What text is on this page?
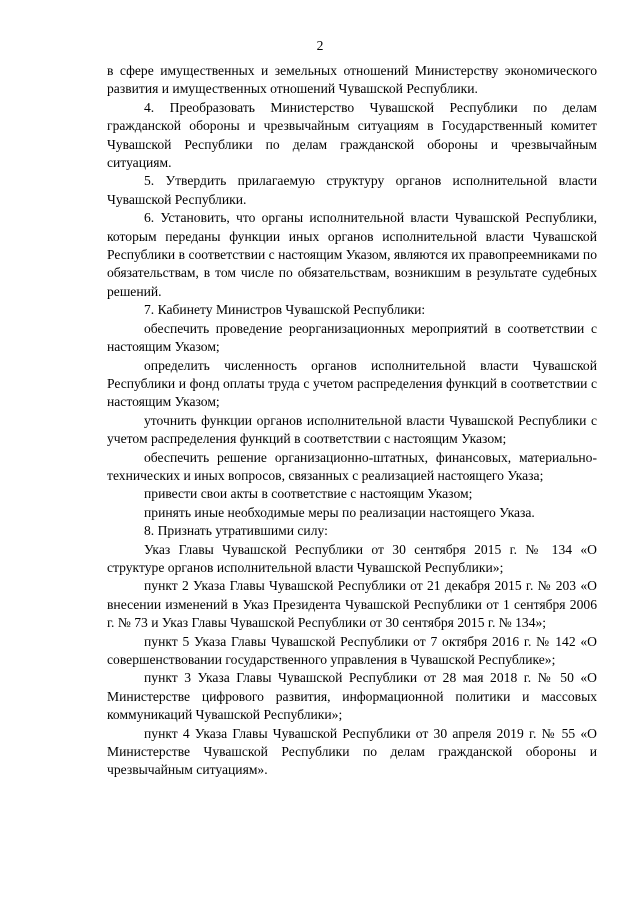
2

в сфере имущественных и земельных отношений Министерству экономического развития и имущественных отношений Чувашской Республики.

4. Преобразовать Министерство Чувашской Республики по делам гражданской обороны и чрезвычайным ситуациям в Государственный комитет Чувашской Республики по делам гражданской обороны и чрезвычайным ситуациям.

5. Утвердить прилагаемую структуру органов исполнительной власти Чувашской Республики.

6. Установить, что органы исполнительной власти Чувашской Республики, которым переданы функции иных органов исполнительной власти Чувашской Республики в соответствии с настоящим Указом, являются их правопреемниками по обязательствам, в том числе по обязательствам, возникшим в результате судебных решений.

7. Кабинету Министров Чувашской Республики:

обеспечить проведение реорганизационных мероприятий в соответствии с настоящим Указом;

определить численность органов исполнительной власти Чувашской Республики и фонд оплаты труда с учетом распределения функций в соответствии с настоящим Указом;

уточнить функции органов исполнительной власти Чувашской Республики с учетом распределения функций в соответствии с настоящим Указом;

обеспечить решение организационно-штатных, финансовых, материально-технических и иных вопросов, связанных с реализацией настоящего Указа;

привести свои акты в соответствие с настоящим Указом;

принять иные необходимые меры по реализации настоящего Указа.

8. Признать утратившими силу:

Указ Главы Чувашской Республики от 30 сентября 2015 г. № 134 «О структуре органов исполнительной власти Чувашской Республики»;

пункт 2 Указа Главы Чувашской Республики от 21 декабря 2015 г. № 203 «О внесении изменений в Указ Президента Чувашской Республики от 1 сентября 2006 г. № 73 и Указ Главы Чувашской Республики от 30 сентября 2015 г. № 134»;

пункт 5 Указа Главы Чувашской Республики от 7 октября 2016 г. № 142 «О совершенствовании государственного управления в Чувашской Республике»;

пункт 3 Указа Главы Чувашской Республики от 28 мая 2018 г. № 50 «О Министерстве цифрового развития, информационной политики и массовых коммуникаций Чувашской Республики»;

пункт 4 Указа Главы Чувашской Республики от 30 апреля 2019 г. № 55 «О Министерстве Чувашской Республики по делам гражданской обороны и чрезвычайным ситуациям».
